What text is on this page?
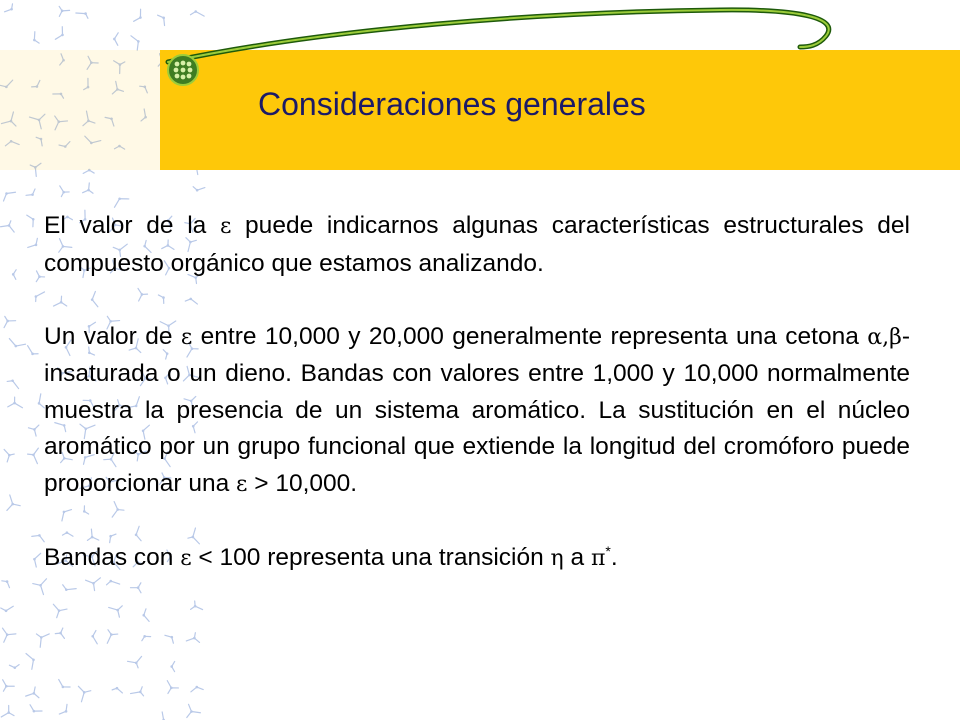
Consideraciones generales

El valor de la ε puede indicarnos algunas características estructurales del compuesto orgánico que estamos analizando.

Un valor de ε entre 10,000 y 20,000 generalmente representa una cetona α,β-insaturada o un dieno. Bandas con valores entre 1,000 y 10,000 normalmente muestra la presencia de un sistema aromático. La sustitución en el núcleo aromático por un grupo funcional que extiende la longitud del cromóforo puede proporcionar una ε > 10,000.

Bandas con ε < 100 representa una transición η a π*.
